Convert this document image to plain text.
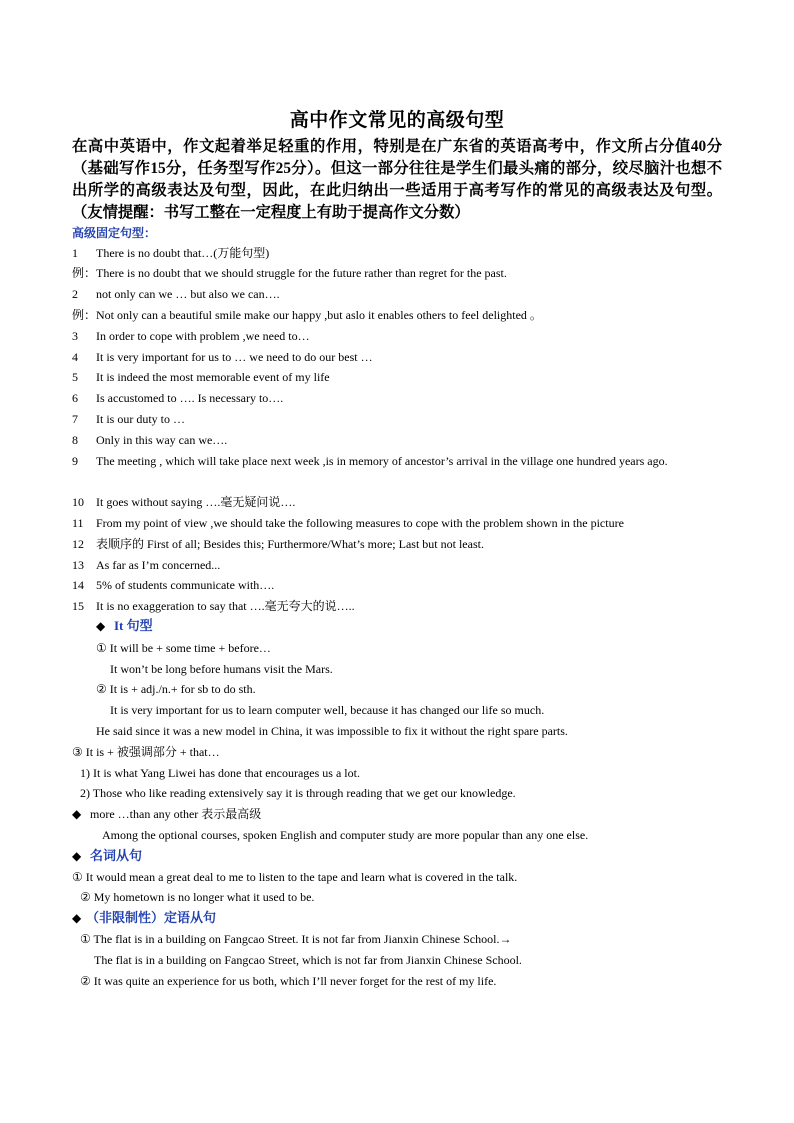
高中作文常见的高级句型
在高中英语中，作文起着举足轻重的作用，特别是在广东省的英语高考中，作文所占分值40分（基础写作15分，任务型写作25分）。但这一部分往往是学生们最头痛的部分，绞尽脑汁也想不出所学的高级表达及句型，因此，在此归纳出一些适用于高考写作的常见的高级表达及句型。（友情提醒：书写工整在一定程度上有助于提高作文分数）
高级固定句型：
1 There is no doubt that…(万能句型)
例：There is no doubt that we should struggle for the future rather than regret for the past.
2 not only can we … but also we can….
例：Not only can a beautiful smile make our happy ,but aslo it enables others to feel delighted 。
3 In order to cope with problem ,we need to…
4 It is very important for us to … we need to do our best …
5 It is indeed the most memorable event of my life
6 Is accustomed to …. Is necessary to….
7 It is our duty to …
8 Only in this way can we….
9 The meeting , which will take place next week ,is in memory of ancestor’s arrival in the village one hundred years ago.
10 It goes without saying ….毫无疑问说….
11 From my point of view ,we should take the following measures to cope with the problem shown in the picture
12 表顺序的 First of all; Besides this; Furthermore/What’s more; Last but not least.
13 As far as I’m concerned...
14 5% of students communicate with….
15 It is no exaggeration to say that ….毫无夸大的说…..
◆ It 句型
① It will be + some time + before…
It won’t be long before humans visit the Mars.
② It is + adj./n.+ for sb to do sth.
It is very important for us to learn computer well, because it has changed our life so much.
He said since it was a new model in China, it was impossible to fix it without the right spare parts.
③ It is + 被强调部分 + that…
1) It is what Yang Liwei has done that encourages us a lot.
2) Those who like reading extensively say it is through reading that we get our knowledge.
◆ more …than any other 表示最高级
Among the optional courses, spoken English and computer study are more popular than any one else.
◆ 名词从句
① It would mean a great deal to me to listen to the tape and learn what is covered in the talk.
② My hometown is no longer what it used to be.
◆ （非限制性）定语从句
① The flat is in a building on Fangcao Street. It is not far from Jianxin Chinese School.→
The flat is in a building on Fangcao Street, which is not far from Jianxin Chinese School.
② It was quite an experience for us both, which I’ll never forget for the rest of my life.
